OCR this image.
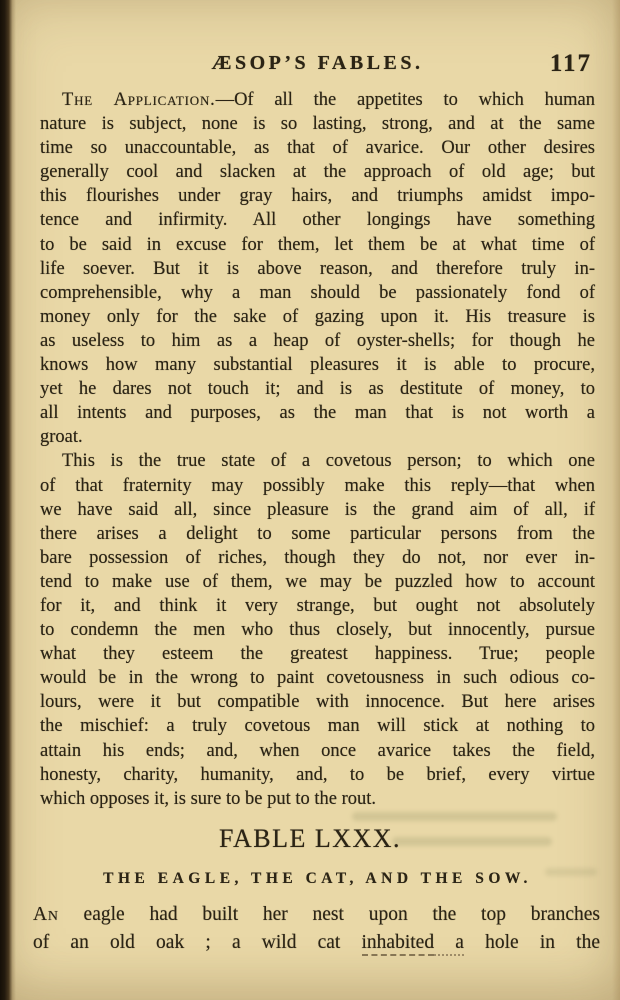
ÆSOP’S FABLES.	117
The Application.—Of all the appetites to which human
nature is subject, none is so lasting, strong, and at the same
time so unaccountable, as that of avarice. Our other desires
generally cool and slacken at the approach of old age; but
this flourishes under gray hairs, and triumphs amidst impo-
tence and infirmity. All other longings have something
to be said in excuse for them, let them be at what time of
life soever. But it is above reason, and therefore truly in-
comprehensible, why a man should be passionately fond of
money only for the sake of gazing upon it. His treasure is
as useless to him as a heap of oyster-shells; for though he
knows how many substantial pleasures it is able to procure,
yet he dares not touch it; and is as destitute of money, to
all intents and purposes, as the man that is not worth a
groat.
This is the true state of a covetous person; to which one
of that fraternity may possibly make this reply—that when
we have said all, since pleasure is the grand aim of all, if
there arises a delight to some particular persons from the
bare possession of riches, though they do not, nor ever in-
tend to make use of them, we may be puzzled how to account
for it, and think it very strange, but ought not absolutely
to condemn the men who thus closely, but innocently, pursue
what they esteem the greatest happiness. True; people
would be in the wrong to paint covetousness in such odious co-
lours, were it but compatible with innocence. But here arises
the mischief: a truly covetous man will stick at nothing to
attain his ends; and, when once avarice takes the field,
honesty, charity, humanity, and, to be brief, every virtue
which opposes it, is sure to be put to the rout.
FABLE LXXX.
THE EAGLE, THE CAT, AND THE SOW.
An eagle had built her nest upon the top branches
of an old oak ; a wild cat inhabited a hole in the
